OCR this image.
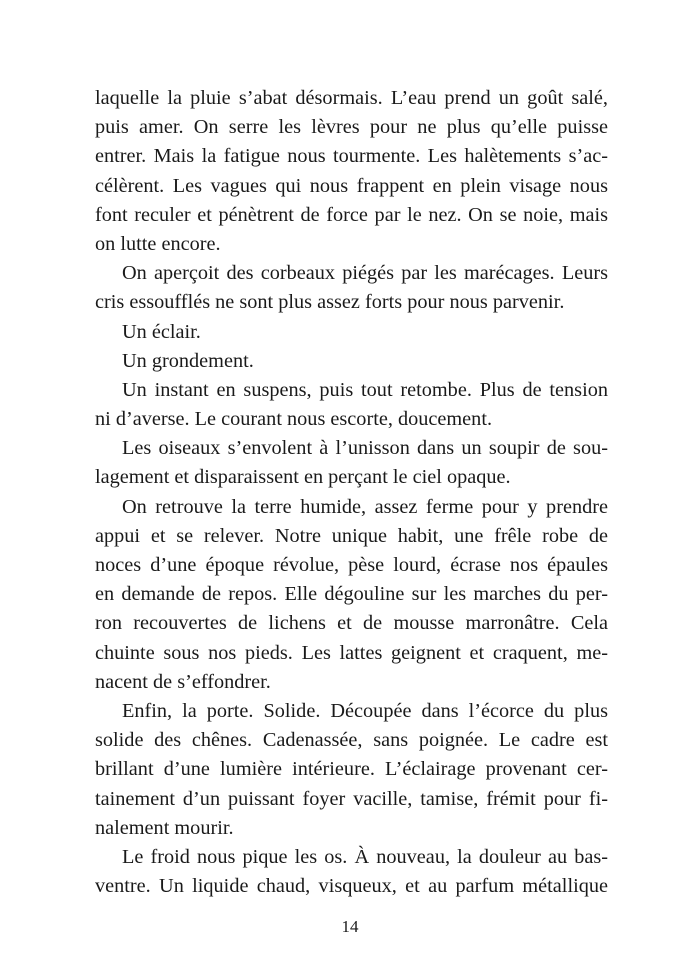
laquelle la pluie s’abat désormais. L’eau prend un goût salé,
puis amer. On serre les lèvres pour ne plus qu’elle puisse
entrer. Mais la fatigue nous tourmente. Les halètements s’ac-
célèrent. Les vagues qui nous frappent en plein visage nous
font reculer et pénètrent de force par le nez. On se noie, mais
on lutte encore.
On aperçoit des corbeaux piégés par les marécages. Leurs
cris essoufflés ne sont plus assez forts pour nous parvenir.
Un éclair.
Un grondement.
Un instant en suspens, puis tout retombe. Plus de tension
ni d’averse. Le courant nous escorte, doucement.
Les oiseaux s’envolent à l’unisson dans un soupir de sou-
lagement et disparaissent en perçant le ciel opaque.
On retrouve la terre humide, assez ferme pour y prendre
appui et se relever. Notre unique habit, une frêle robe de
noces d’une époque révolue, pèse lourd, écrase nos épaules
en demande de repos. Elle dégouline sur les marches du per-
ron recouvertes de lichens et de mousse marronâtre. Cela
chuinte sous nos pieds. Les lattes geignent et craquent, me-
nacent de s’effondrer.
Enfin, la porte. Solide. Découpée dans l’écorce du plus
solide des chênes. Cadenassée, sans poignée. Le cadre est
brillant d’une lumière intérieure. L’éclairage provenant cer-
tainement d’un puissant foyer vacille, tamise, frémit pour fi-
nalement mourir.
Le froid nous pique les os. À nouveau, la douleur au bas-
ventre. Un liquide chaud, visqueux, et au parfum métallique
14
